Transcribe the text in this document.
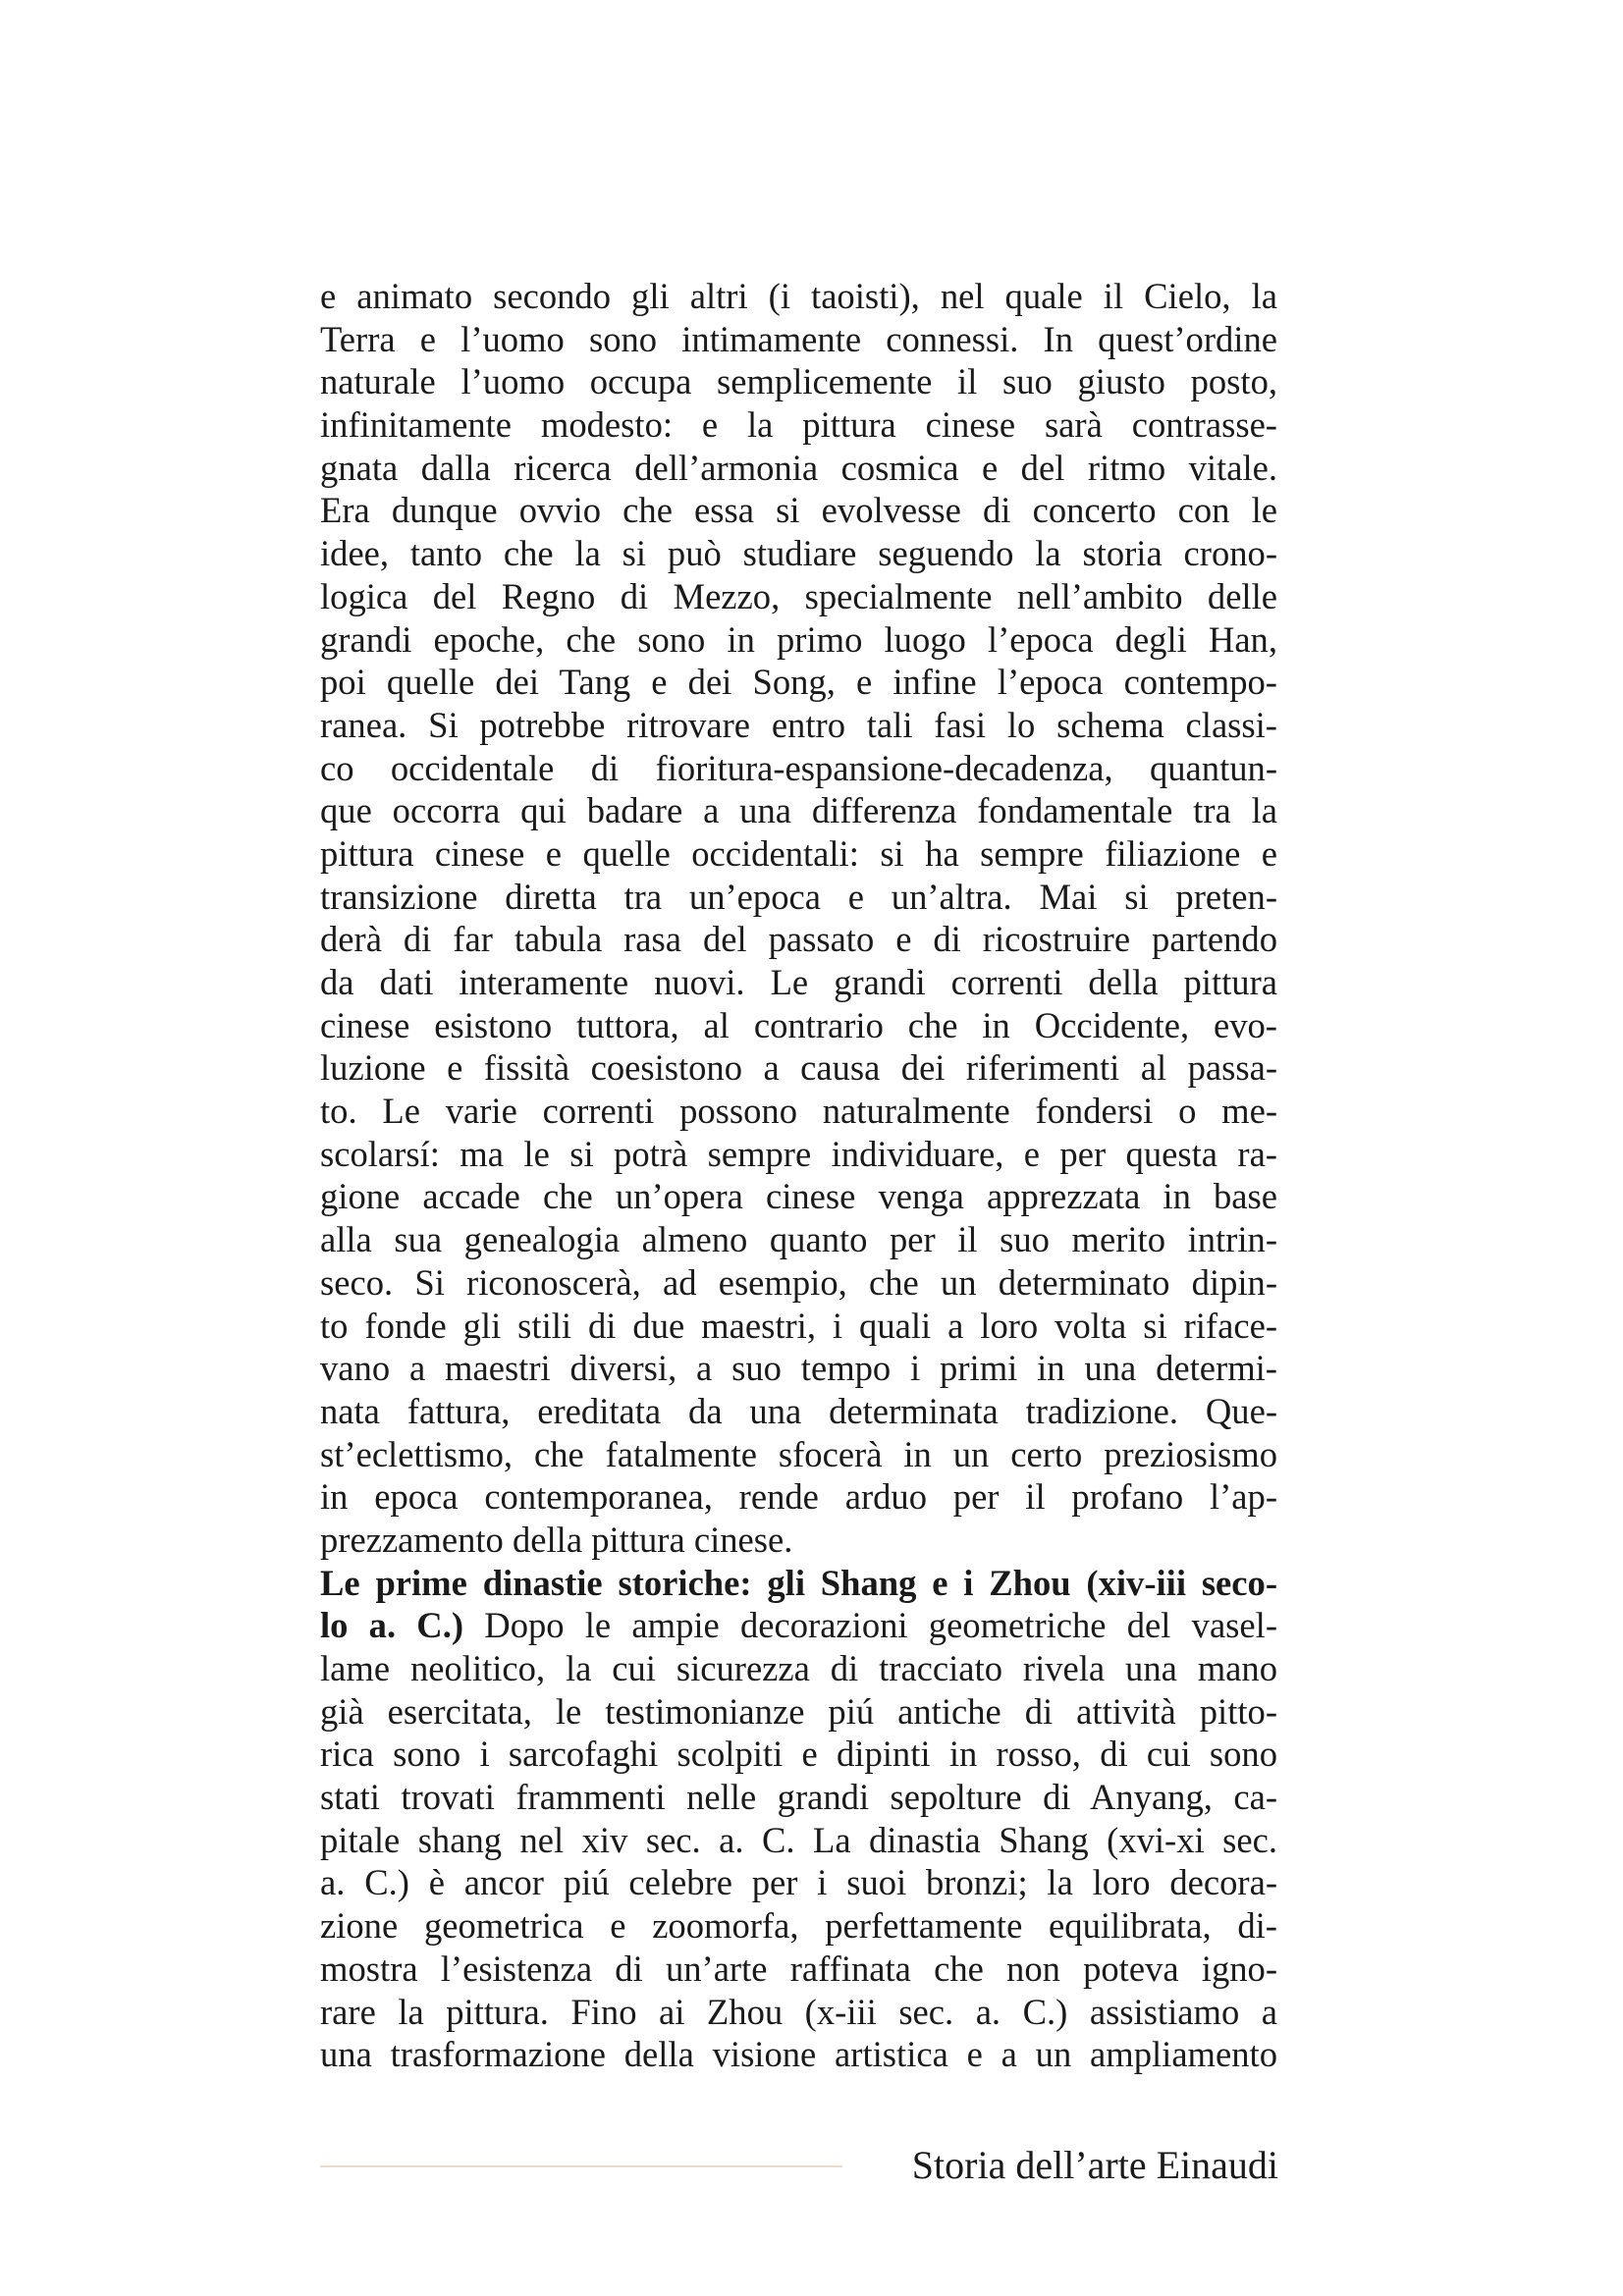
e animato secondo gli altri (i taoisti), nel quale il Cielo, la
Terra e l’uomo sono intimamente connessi. In quest’ordine
naturale l’uomo occupa semplicemente il suo giusto posto,
infinitamente modesto: e la pittura cinese sarà contrasse-
gnata dalla ricerca dell’armonia cosmica e del ritmo vitale.
Era dunque ovvio che essa si evolvesse di concerto con le
idee, tanto che la si può studiare seguendo la storia crono-
logica del Regno di Mezzo, specialmente nell’ambito delle
grandi epoche, che sono in primo luogo l’epoca degli Han,
poi quelle dei Tang e dei Song, e infine l’epoca contempo-
ranea. Si potrebbe ritrovare entro tali fasi lo schema classi-
co occidentale di fioritura-espansione-decadenza, quantun-
que occorra qui badare a una differenza fondamentale tra la
pittura cinese e quelle occidentali: si ha sempre filiazione e
transizione diretta tra un’epoca e un’altra. Mai si preten-
derà di far tabula rasa del passato e di ricostruire partendo
da dati interamente nuovi. Le grandi correnti della pittura
cinese esistono tuttora, al contrario che in Occidente, evo-
luzione e fissità coesistono a causa dei riferimenti al passa-
to. Le varie correnti possono naturalmente fondersi o me-
scolarsí: ma le si potrà sempre individuare, e per questa ra-
gione accade che un’opera cinese venga apprezzata in base
alla sua genealogia almeno quanto per il suo merito intrin-
seco. Si riconoscerà, ad esempio, che un determinato dipin-
to fonde gli stili di due maestri, i quali a loro volta si riface-
vano a maestri diversi, a suo tempo i primi in una determi-
nata fattura, ereditata da una determinata tradizione. Que-
st’eclettismo, che fatalmente sfocerà in un certo preziosismo
in epoca contemporanea, rende arduo per il profano l’ap-
prezzamento della pittura cinese.
Le prime dinastie storiche: gli Shang e i Zhou (xiv-iii seco-
lo a. C.) Dopo le ampie decorazioni geometriche del vasel-
lame neolitico, la cui sicurezza di tracciato rivela una mano
già esercitata, le testimonianze piú antiche di attività pitto-
rica sono i sarcofaghi scolpiti e dipinti in rosso, di cui sono
stati trovati frammenti nelle grandi sepolture di Anyang, ca-
pitale shang nel xiv sec. a. C. La dinastia Shang (xvi-xi sec.
a. C.) è ancor piú celebre per i suoi bronzi; la loro decora-
zione geometrica e zoomorfa, perfettamente equilibrata, di-
mostra l’esistenza di un’arte raffinata che non poteva igno-
rare la pittura. Fino ai Zhou (x-iii sec. a. C.) assistiamo a
una trasformazione della visione artistica e a un ampliamento
Storia dell’arte Einaudi
